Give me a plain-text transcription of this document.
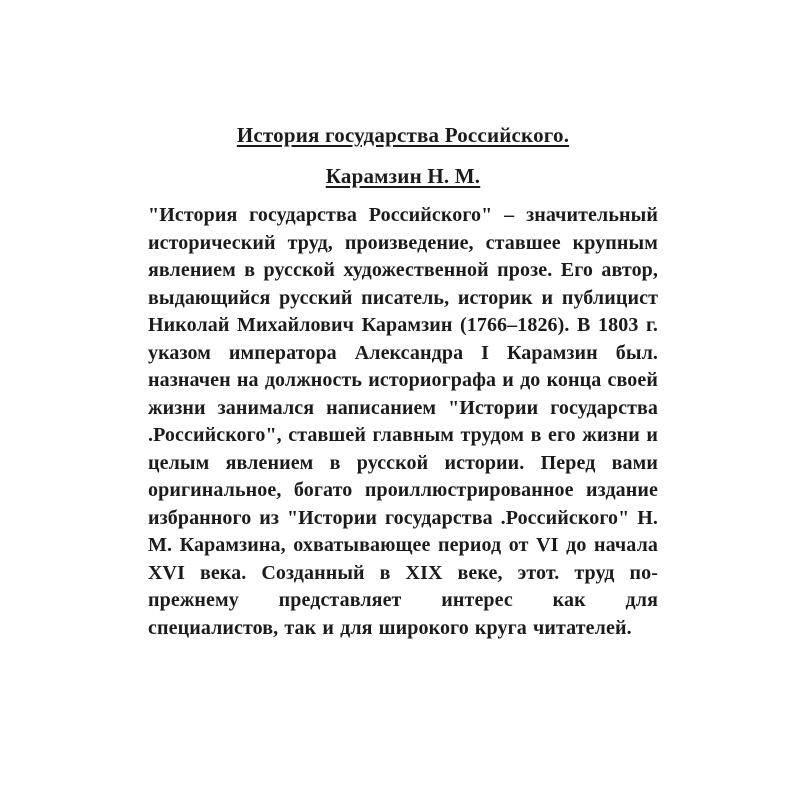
История государства Российского.
Карамзин Н. М.

"История государства Российского" – значительный исторический труд, произведение, ставшее крупным явлением в русской художественной прозе. Его автор, выдающийся русский писатель, историк и публицист Николай Михайлович Карамзин (1766–1826). В 1803 г. указом императора Александра I Карамзин был. назначен на должность историографа и до конца своей жизни занимался написанием "Истории государства .Российского", ставшей главным трудом в его жизни и целым явлением в русской истории. Перед вами оригинальное, богато проиллюстрированное издание избранного из "Истории государства .Российского" Н. М. Карамзина, охватывающее период от VI до начала XVI века. Созданный в XIX веке, этот. труд по-прежнему представляет интерес как для специалистов, так и для широкого круга читателей.
